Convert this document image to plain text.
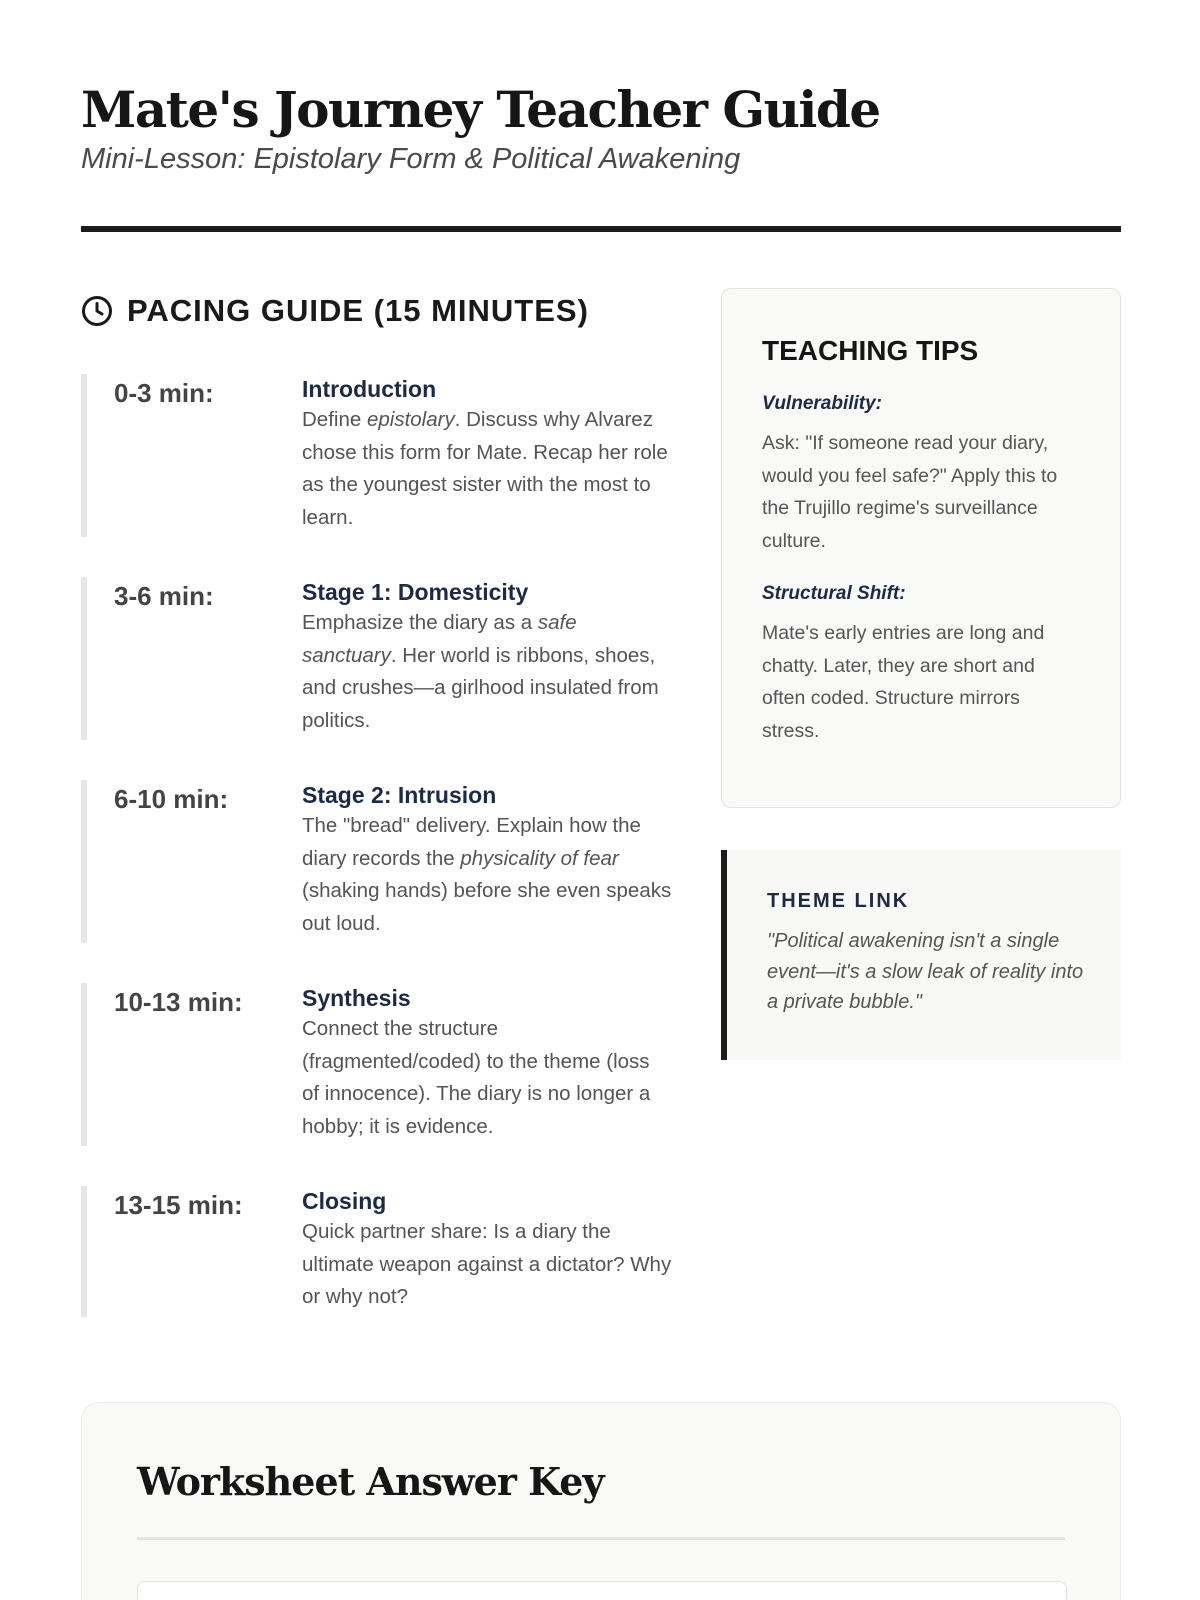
Mate's Journey Teacher Guide
Mini-Lesson: Epistolary Form & Political Awakening
PACING GUIDE (15 MINUTES)
0-3 min:	Introduction
Define epistolary. Discuss why Alvarez chose this form for Mate. Recap her role as the youngest sister with the most to learn.
3-6 min:	Stage 1: Domesticity
Emphasize the diary as a safe sanctuary. Her world is ribbons, shoes, and crushes—a girlhood insulated from politics.
6-10 min:	Stage 2: Intrusion
The "bread" delivery. Explain how the diary records the physicality of fear (shaking hands) before she even speaks out loud.
10-13 min:	Synthesis
Connect the structure (fragmented/coded) to the theme (loss of innocence). The diary is no longer a hobby; it is evidence.
13-15 min:	Closing
Quick partner share: Is a diary the ultimate weapon against a dictator? Why or why not?
TEACHING TIPS
Vulnerability:
Ask: "If someone read your diary, would you feel safe?" Apply this to the Trujillo regime's surveillance culture.
Structural Shift:
Mate's early entries are long and chatty. Later, they are short and often coded. Structure mirrors stress.
THEME LINK
"Political awakening isn't a single event—it's a slow leak of reality into a private bubble."
Worksheet Answer Key
